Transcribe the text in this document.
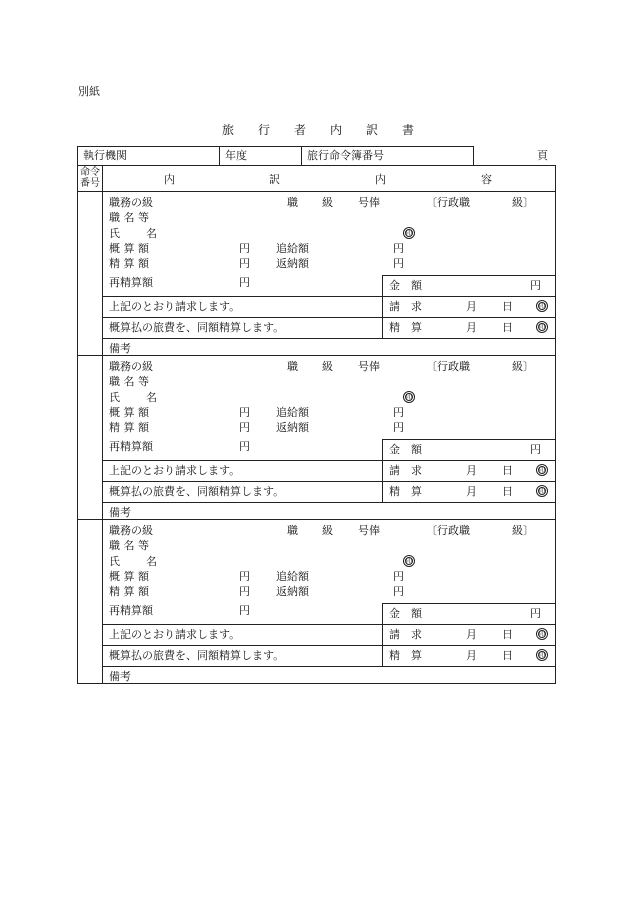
別紙
旅 行 者 内 訳 書
執行機関	年度	旅行命令簿番号	頁
命令番号	内	訳	内	容
職務の級	職 級 号俸	〔行政職	級〕
職 名 等
氏 名	印
概 算 額	円 追給額	円
精 算 額	円 返納額	円
再精算額	円	金 額	円
上記のとおり請求します。	請 求	月 日	印
概算払の旅費を、同額精算します。	精 算	月 日	印
備考
職務の級	職 級 号俸	〔行政職	級〕
職 名 等
氏 名	印
概 算 額	円 追給額	円
精 算 額	円 返納額	円
再精算額	円	金 額	円
上記のとおり請求します。	請 求	月 日	印
概算払の旅費を、同額精算します。	精 算	月 日	印
備考
職務の級	職 級 号俸	〔行政職	級〕
職 名 等
氏 名	印
概 算 額	円 追給額	円
精 算 額	円 返納額	円
再精算額	円	金 額	円
上記のとおり請求します。	請 求	月 日	印
概算払の旅費を、同額精算します。	精 算	月 日	印
備考
